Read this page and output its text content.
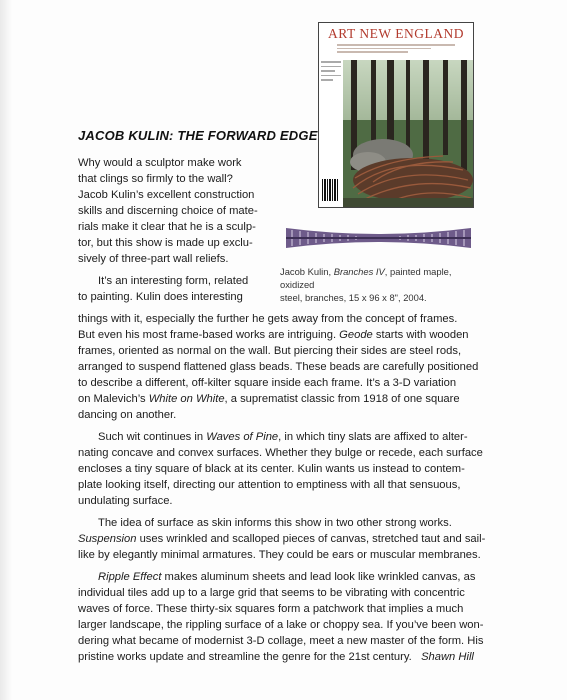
ART NEW ENGLAND
Jacob Kulin, Branches IV, painted maple, oxidized
steel, branches, 15 x 96 x 8", 2004.
JACOB KULIN: THE FORWARD EDGE
Why would a sculptor make work
that clings so firmly to the wall?
Jacob Kulin’s excellent construction
skills and discerning choice of mate-
rials make it clear that he is a sculp-
tor, but this show is made up exclu-
sively of three-part wall reliefs.
It’s an interesting form, related
to painting. Kulin does interesting
things with it, especially the further he gets away from the concept of frames.
But even his most frame-based works are intriguing. Geode starts with wooden
frames, oriented as normal on the wall. But piercing their sides are steel rods,
arranged to suspend flattened glass beads. These beads are carefully positioned
to describe a different, off-kilter square inside each frame. It’s a 3-D variation
on Malevich’s White on White, a suprematist classic from 1918 of one square
dancing on another.
Such wit continues in Waves of Pine, in which tiny slats are affixed to alter-
nating concave and convex surfaces. Whether they bulge or recede, each surface
encloses a tiny square of black at its center. Kulin wants us instead to contem-
plate looking itself, directing our attention to emptiness with all that sensuous,
undulating surface.
The idea of surface as skin informs this show in two other strong works.
Suspension uses wrinkled and scalloped pieces of canvas, stretched taut and sail-
like by elegantly minimal armatures. They could be ears or muscular membranes.
Ripple Effect makes aluminum sheets and lead look like wrinkled canvas, as
individual tiles add up to a large grid that seems to be vibrating with concentric
waves of force. These thirty-six squares form a patchwork that implies a much
larger landscape, the rippling surface of a lake or choppy sea. If you’ve been won-
dering what became of modernist 3-D collage, meet a new master of the form. His
pristine works update and streamline the genre for the 21st century. Shawn Hill
